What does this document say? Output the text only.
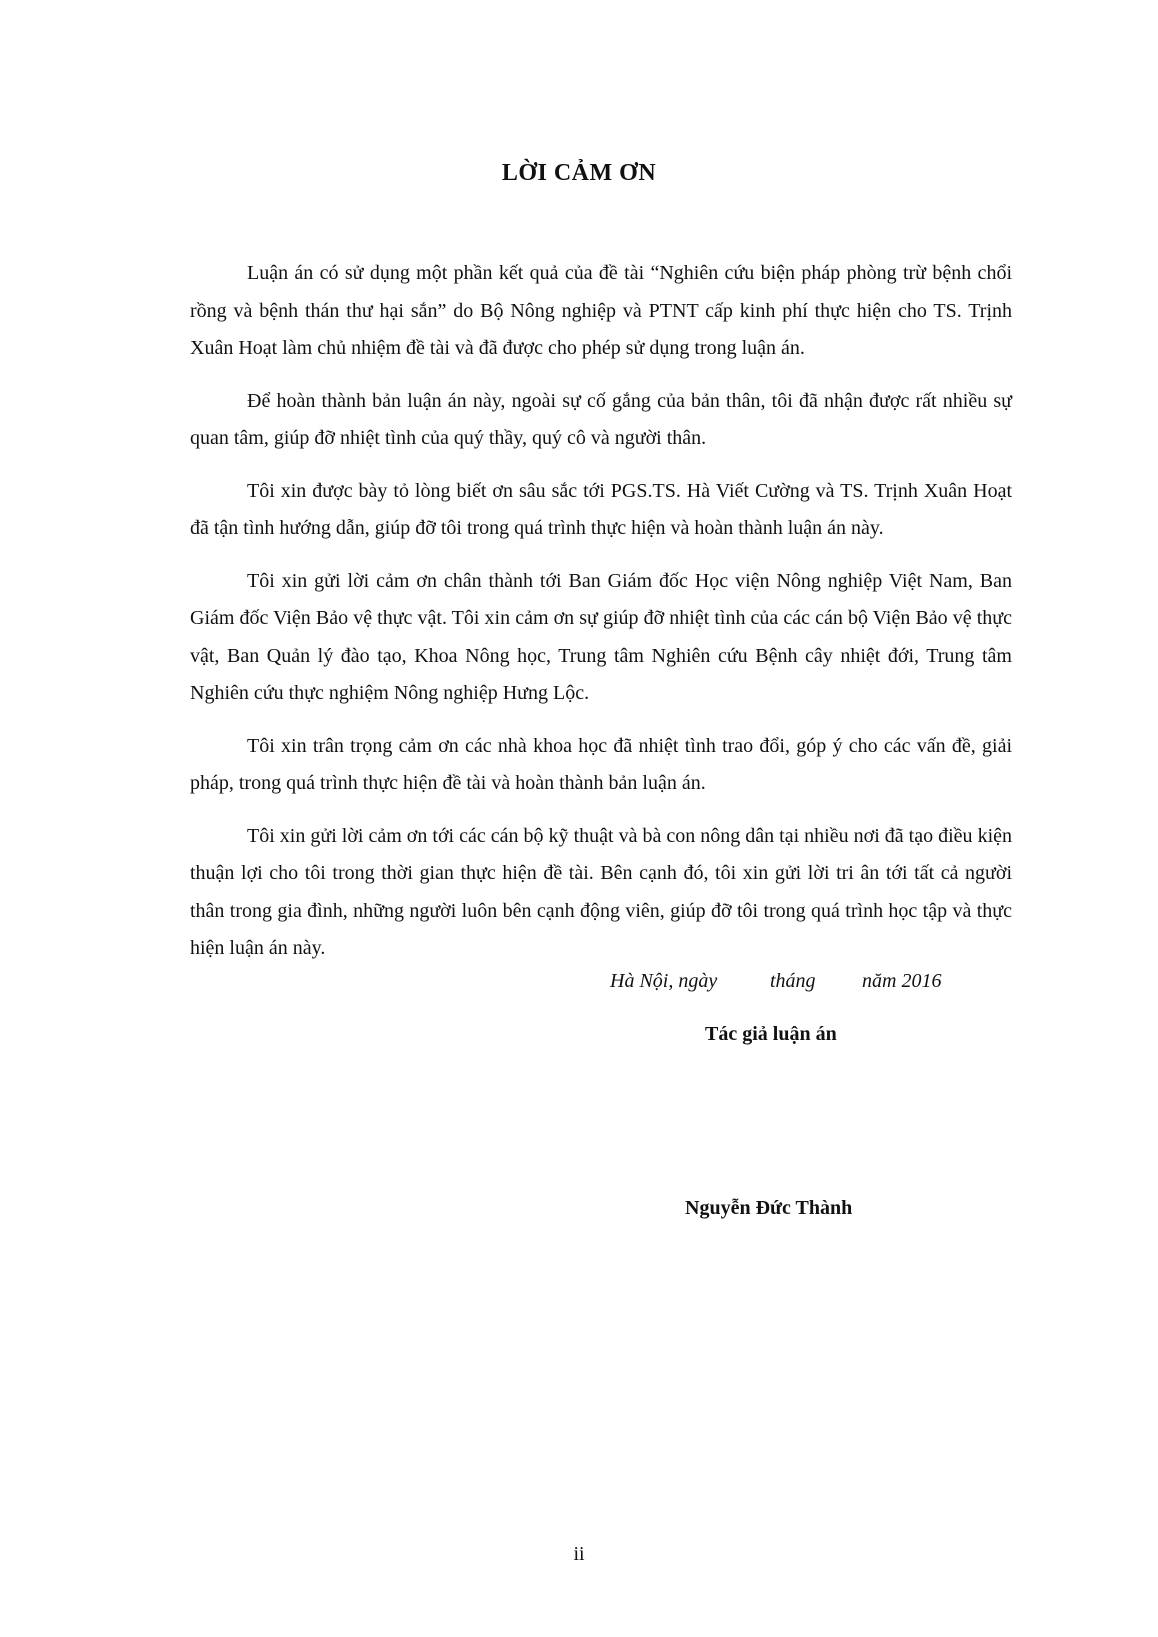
LỜI CẢM ƠN

Luận án có sử dụng một phần kết quả của đề tài “Nghiên cứu biện pháp phòng trừ bệnh chổi rồng và bệnh thán thư hại sắn” do Bộ Nông nghiệp và PTNT cấp kinh phí thực hiện cho TS. Trịnh Xuân Hoạt làm chủ nhiệm đề tài và đã được cho phép sử dụng trong luận án.

Để hoàn thành bản luận án này, ngoài sự cố gắng của bản thân, tôi đã nhận được rất nhiều sự quan tâm, giúp đỡ nhiệt tình của quý thầy, quý cô và người thân.

Tôi xin được bày tỏ lòng biết ơn sâu sắc tới PGS.TS. Hà Viết Cường và TS. Trịnh Xuân Hoạt đã tận tình hướng dẫn, giúp đỡ tôi trong quá trình thực hiện và hoàn thành luận án này.

Tôi xin gửi lời cảm ơn chân thành tới Ban Giám đốc Học viện Nông nghiệp Việt Nam, Ban Giám đốc Viện Bảo vệ thực vật. Tôi xin cảm ơn sự giúp đỡ nhiệt tình của các cán bộ Viện Bảo vệ thực vật, Ban Quản lý đào tạo, Khoa Nông học, Trung tâm Nghiên cứu Bệnh cây nhiệt đới, Trung tâm Nghiên cứu thực nghiệm Nông nghiệp Hưng Lộc.

Tôi xin trân trọng cảm ơn các nhà khoa học đã nhiệt tình trao đổi, góp ý cho các vấn đề, giải pháp, trong quá trình thực hiện đề tài và hoàn thành bản luận án.

Tôi xin gửi lời cảm ơn tới các cán bộ kỹ thuật và bà con nông dân tại nhiều nơi đã tạo điều kiện thuận lợi cho tôi trong thời gian thực hiện đề tài. Bên cạnh đó, tôi xin gửi lời tri ân tới tất cả người thân trong gia đình, những người luôn bên cạnh động viên, giúp đỡ tôi trong quá trình học tập và thực hiện luận án này.

Hà Nội, ngày	tháng năm 2016
Tác giả luận án
Nguyễn Đức Thành
ii
